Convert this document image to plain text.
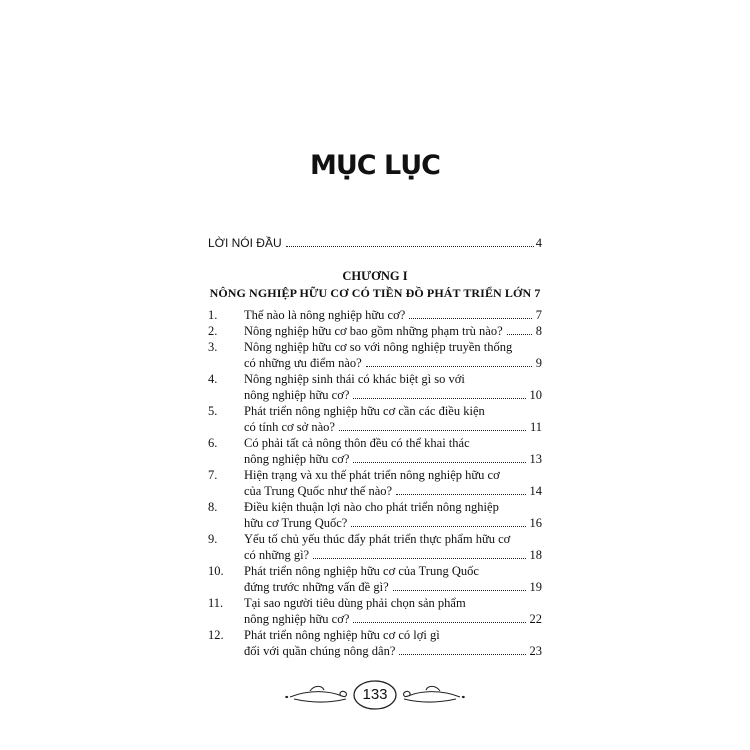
MỤC LỤC
LỜI NÓI ĐẦU	4
CHƯƠNG I
NÔNG NGHIỆP HỮU CƠ CÓ TIỀN ĐỒ PHÁT TRIỂN LỚN 7
1.	Thế nào là nông nghiệp hữu cơ?	7
2.	Nông nghiệp hữu cơ bao gồm những phạm trù nào?	8
3.	Nông nghiệp hữu cơ so với nông nghiệp truyền thống
có những ưu điểm nào?	9
4.	Nông nghiệp sinh thái có khác biệt gì so với
nông nghiệp hữu cơ?	10
5.	Phát triển nông nghiệp hữu cơ cần các điều kiện
có tính cơ sở nào?	11
6.	Có phải tất cả nông thôn đều có thể khai thác
nông nghiệp hữu cơ?	13
7.	Hiện trạng và xu thế phát triển nông nghiệp hữu cơ
của Trung Quốc như thế nào?	14
8.	Điều kiện thuận lợi nào cho phát triển nông nghiệp
hữu cơ Trung Quốc?	16
9.	Yếu tố chủ yếu thúc đẩy phát triển thực phẩm hữu cơ
có những gì?	18
10.	Phát triển nông nghiệp hữu cơ của Trung Quốc
đứng trước những vấn đề gì?	19
11.	Tại sao người tiêu dùng phải chọn sản phẩm
nông nghiệp hữu cơ?	22
12.	Phát triển nông nghiệp hữu cơ có lợi gì
đối với quần chúng nông dân?	23
133
